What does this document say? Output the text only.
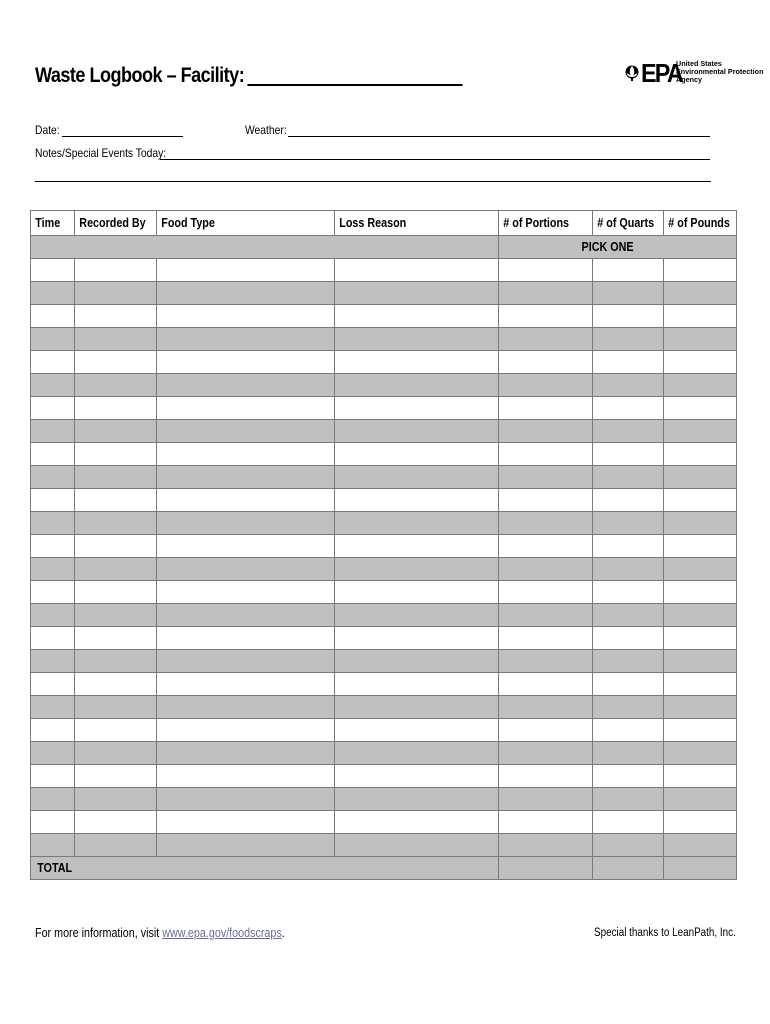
Waste Logbook – Facility:	EPA
United States
Environmental Protection
Agency
Date:	Weather:
Notes/Special Events Today:
Time	Recorded By	Food Type	Loss Reason	# of Portions	# of Quarts	# of Pounds
				PICK ONE		

TOTAL						
For more information, visit www.epa.gov/foodscraps.	Special thanks to LeanPath, Inc.
